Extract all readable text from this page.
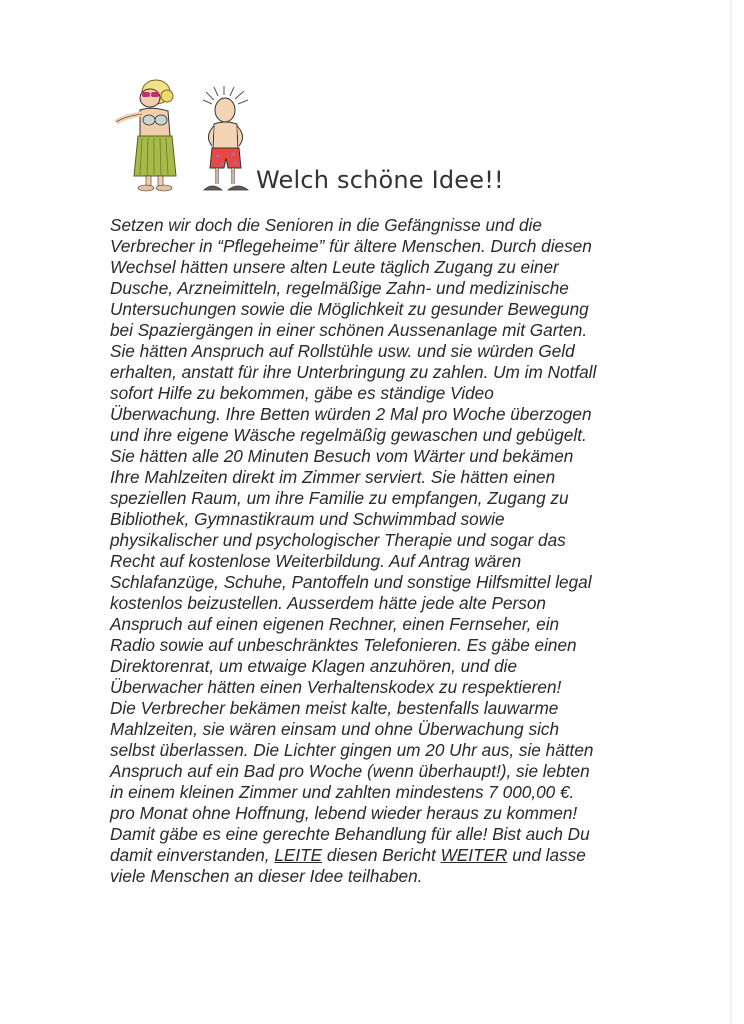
Welch schöne Idee!!
Setzen wir doch die Senioren in die Gefängnisse und die
Verbrecher in “Pflegeheime” für ältere Menschen. Durch diesen
Wechsel hätten unsere alten Leute täglich Zugang zu einer
Dusche, Arzneimitteln, regelmäßige Zahn- und medizinische
Untersuchungen sowie die Möglichkeit zu gesunder Bewegung
bei Spaziergängen in einer schönen Aussenanlage mit Garten.
Sie hätten Anspruch auf Rollstühle usw. und sie würden Geld
erhalten, anstatt für ihre Unterbringung zu zahlen. Um im Notfall
sofort Hilfe zu bekommen, gäbe es ständige Video
Überwachung. Ihre Betten würden 2 Mal pro Woche überzogen
und ihre eigene Wäsche regelmäßig gewaschen und gebügelt.
Sie hätten alle 20 Minuten Besuch vom Wärter und bekämen
Ihre Mahlzeiten direkt im Zimmer serviert. Sie hätten einen
speziellen Raum, um ihre Familie zu empfangen, Zugang zu
Bibliothek, Gymnastikraum und Schwimmbad sowie
physikalischer und psychologischer Therapie und sogar das
Recht auf kostenlose Weiterbildung. Auf Antrag wären
Schlafanzüge, Schuhe, Pantoffeln und sonstige Hilfsmittel legal
kostenlos beizustellen. Ausserdem hätte jede alte Person
Anspruch auf einen eigenen Rechner, einen Fernseher, ein
Radio sowie auf unbeschränktes Telefonieren. Es gäbe einen
Direktorenrat, um etwaige Klagen anzuhören, und die
Überwacher hätten einen Verhaltenskodex zu respektieren!
Die Verbrecher bekämen meist kalte, bestenfalls lauwarme
Mahlzeiten, sie wären einsam und ohne Überwachung sich
selbst überlassen. Die Lichter gingen um 20 Uhr aus, sie hätten
Anspruch auf ein Bad pro Woche (wenn überhaupt!), sie lebten
in einem kleinen Zimmer und zahlten mindestens 7 000,00 €.
pro Monat ohne Hoffnung, lebend wieder heraus zu kommen!
Damit gäbe es eine gerechte Behandlung für alle! Bist auch Du
damit einverstanden, LEITE diesen Bericht WEITER und lasse
viele Menschen an dieser Idee teilhaben.
